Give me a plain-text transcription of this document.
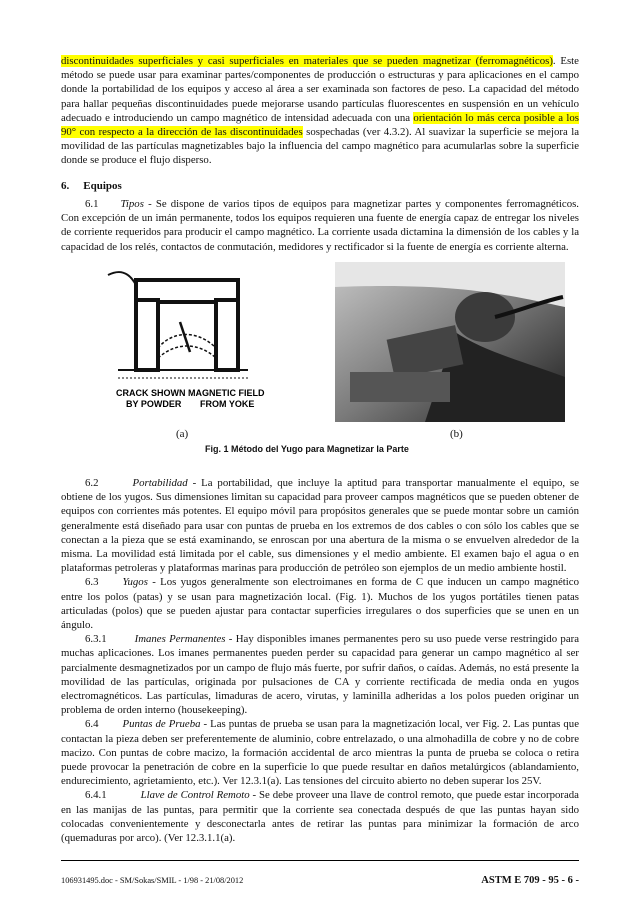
discontinuidades superficiales y casi superficiales en materiales que se pueden magnetizar (ferromagnéticos). Este método se puede usar para examinar partes/componentes de producción o estructuras y para aplicaciones en el campo donde la portabilidad de los equipos y acceso al área a ser examinada son factores de peso. La capacidad del método para hallar pequeñas discontinuidades puede mejorarse usando partículas fluorescentes en suspensión en un vehículo adecuado e introduciendo un campo magnético de intensidad adecuada con una orientación lo más cerca posible a los 90° con respecto a la dirección de las discontinuidades sospechadas (ver 4.3.2). Al suavizar la superficie se mejora la movilidad de las partículas magnetizables bajo la influencia del campo magnético para acumularlas sobre la superficie donde se produce el flujo disperso.

6. Equipos

6.1 Tipos - Se dispone de varios tipos de equipos para magnetizar partes y componentes ferromagnéticos. Con excepción de un imán permanente, todos los equipos requieren una fuente de energía capaz de entregar los niveles de corriente requeridos para producir el campo magnético. La corriente usada dictamina la dimensión de los cables y la capacidad de los relés, contactos de conmutación, medidores y rectificador si la fuente de energía es corriente alterna.

CRACK SHOWN
BY POWDER
MAGNETIC FIELD
FROM YOKE
(a)	(b)
Fig. 1 Método del Yugo para Magnetizar la Parte

6.2	Portabilidad - La portabilidad, que incluye la aptitud para transportar manualmente el equipo, se obtiene de los yugos. Sus dimensiones limitan su capacidad para proveer campos magnéticos que se pueden obtener de equipos con corrientes más potentes. El equipo móvil para propósitos generales que se puede montar sobre un camión generalmente está diseñado para usar con puntas de prueba en los extremos de dos cables o con sólo los cables que se conectan a la pieza que se está examinando, se enroscan por una abertura de la misma o se envuelven alrededor de la misma. La movilidad está limitada por el cable, sus dimensiones y el medio ambiente. El examen bajo el agua o en plataformas petroleras y plataformas marinas para producción de petróleo son ejemplos de un medio ambiente hostil.

6.3 Yugos - Los yugos generalmente son electroimanes en forma de C que inducen un campo magnético entre los polos (patas) y se usan para magnetización local. (Fig. 1). Muchos de los yugos portátiles tienen patas articuladas (polos) que se pueden ajustar para contactar superficies irregulares o dos superficies que se unen en un ángulo.

6.3.1	Imanes Permanentes - Hay disponibles imanes permanentes pero su uso puede verse restringido para muchas aplicaciones. Los imanes permanentes pueden perder su capacidad para generar un campo magnético al ser parcialmente desmagnetizados por un campo de flujo más fuerte, por sufrir daños, o caídas. Además, no está presente la movilidad de las partículas, originada por pulsaciones de CA y corriente rectificada de media onda en yugos electromagnéticos. Las partículas, limaduras de acero, virutas, y laminilla adheridas a los polos pueden originar un problema de orden interno (housekeeping).

6.4 Puntas de Prueba - Las puntas de prueba se usan para la magnetización local, ver Fig. 2. Las puntas que contactan la pieza deben ser preferentemente de aluminio, cobre entrelazado, o una almohadilla de cobre y no de cobre macizo. Con puntas de cobre macizo, la formación accidental de arco mientras la punta de prueba se coloca o retira puede provocar la penetración de cobre en la superficie lo que puede resultar en daños metalúrgicos (ablandamiento, endurecimiento, agrietamiento, etc.). Ver 12.3.1(a). Las tensiones del circuito abierto no deben superar los 25V.

6.4.1	Llave de Control Remoto - Se debe proveer una llave de control remoto, que puede estar incorporada en las manijas de las puntas, para permitir que la corriente sea conectada después de que las puntas hayan sido colocadas convenientemente y desconectarla antes de retirar las puntas para minimizar la formación de arco (quemaduras por arco). (Ver 12.3.1.1(a).

106931495.doc - SM/Sokas/SMIL - 1/98 - 21/08/2012	ASTM E 709 - 95 - 6 -
